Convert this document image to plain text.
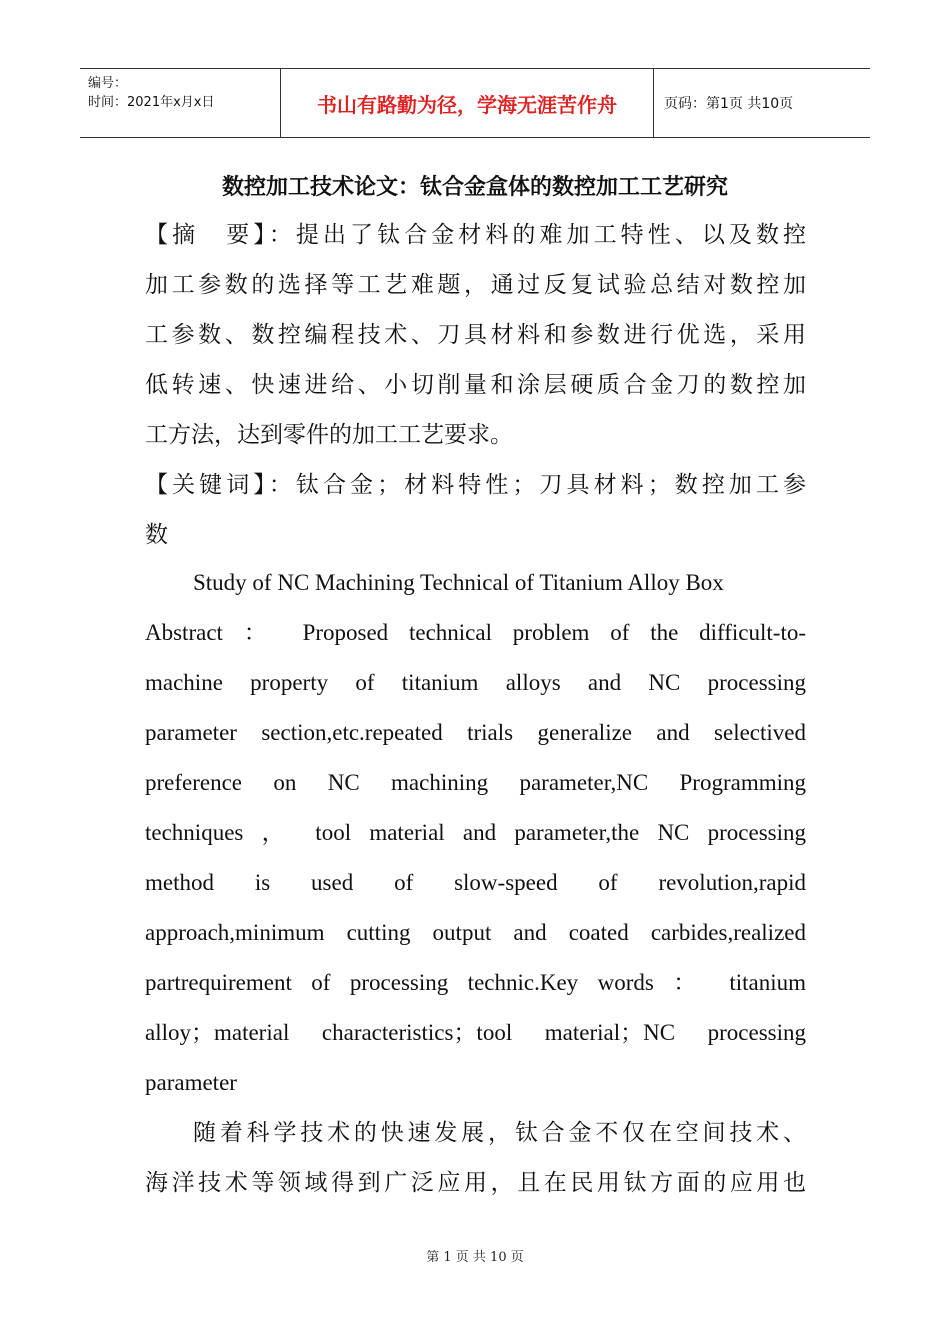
编号：
时间：2021年x月x日	书山有路勤为径，学海无涯苦作舟	页码：第1页 共10页
数控加工技术论文：钛合金盒体的数控加工工艺研究
【摘　要】：提出了钛合金材料的难加工特性、以及数控
加工参数的选择等工艺难题，通过反复试验总结对数控加
工参数、数控编程技术、刀具材料和参数进行优选，采用
低转速、快速进给、小切削量和涂层硬质合金刀的数控加
工方法，达到零件的加工工艺要求。
【关键词】：钛合金；材料特性；刀具材料；数控加工参
数
Study of NC Machining Technical of Titanium Alloy Box
Abstract ： Proposed technical problem of the difficult-to-
machine property of titanium alloys and NC processing
parameter section,etc.repeated trials generalize and selectived
preference on NC machining parameter,NC Programming
techniques ， tool material and parameter,the NC processing
method is used of slow-speed of revolution,rapid
approach,minimum cutting output and coated carbides,realized
partrequirement of processing technic.Key words ： titanium
alloy；material characteristics；tool material；NC processing
parameter
随着科学技术的快速发展，钛合金不仅在空间技术、
海洋技术等领域得到广泛应用，且在民用钛方面的应用也
第 1 页 共 10 页
